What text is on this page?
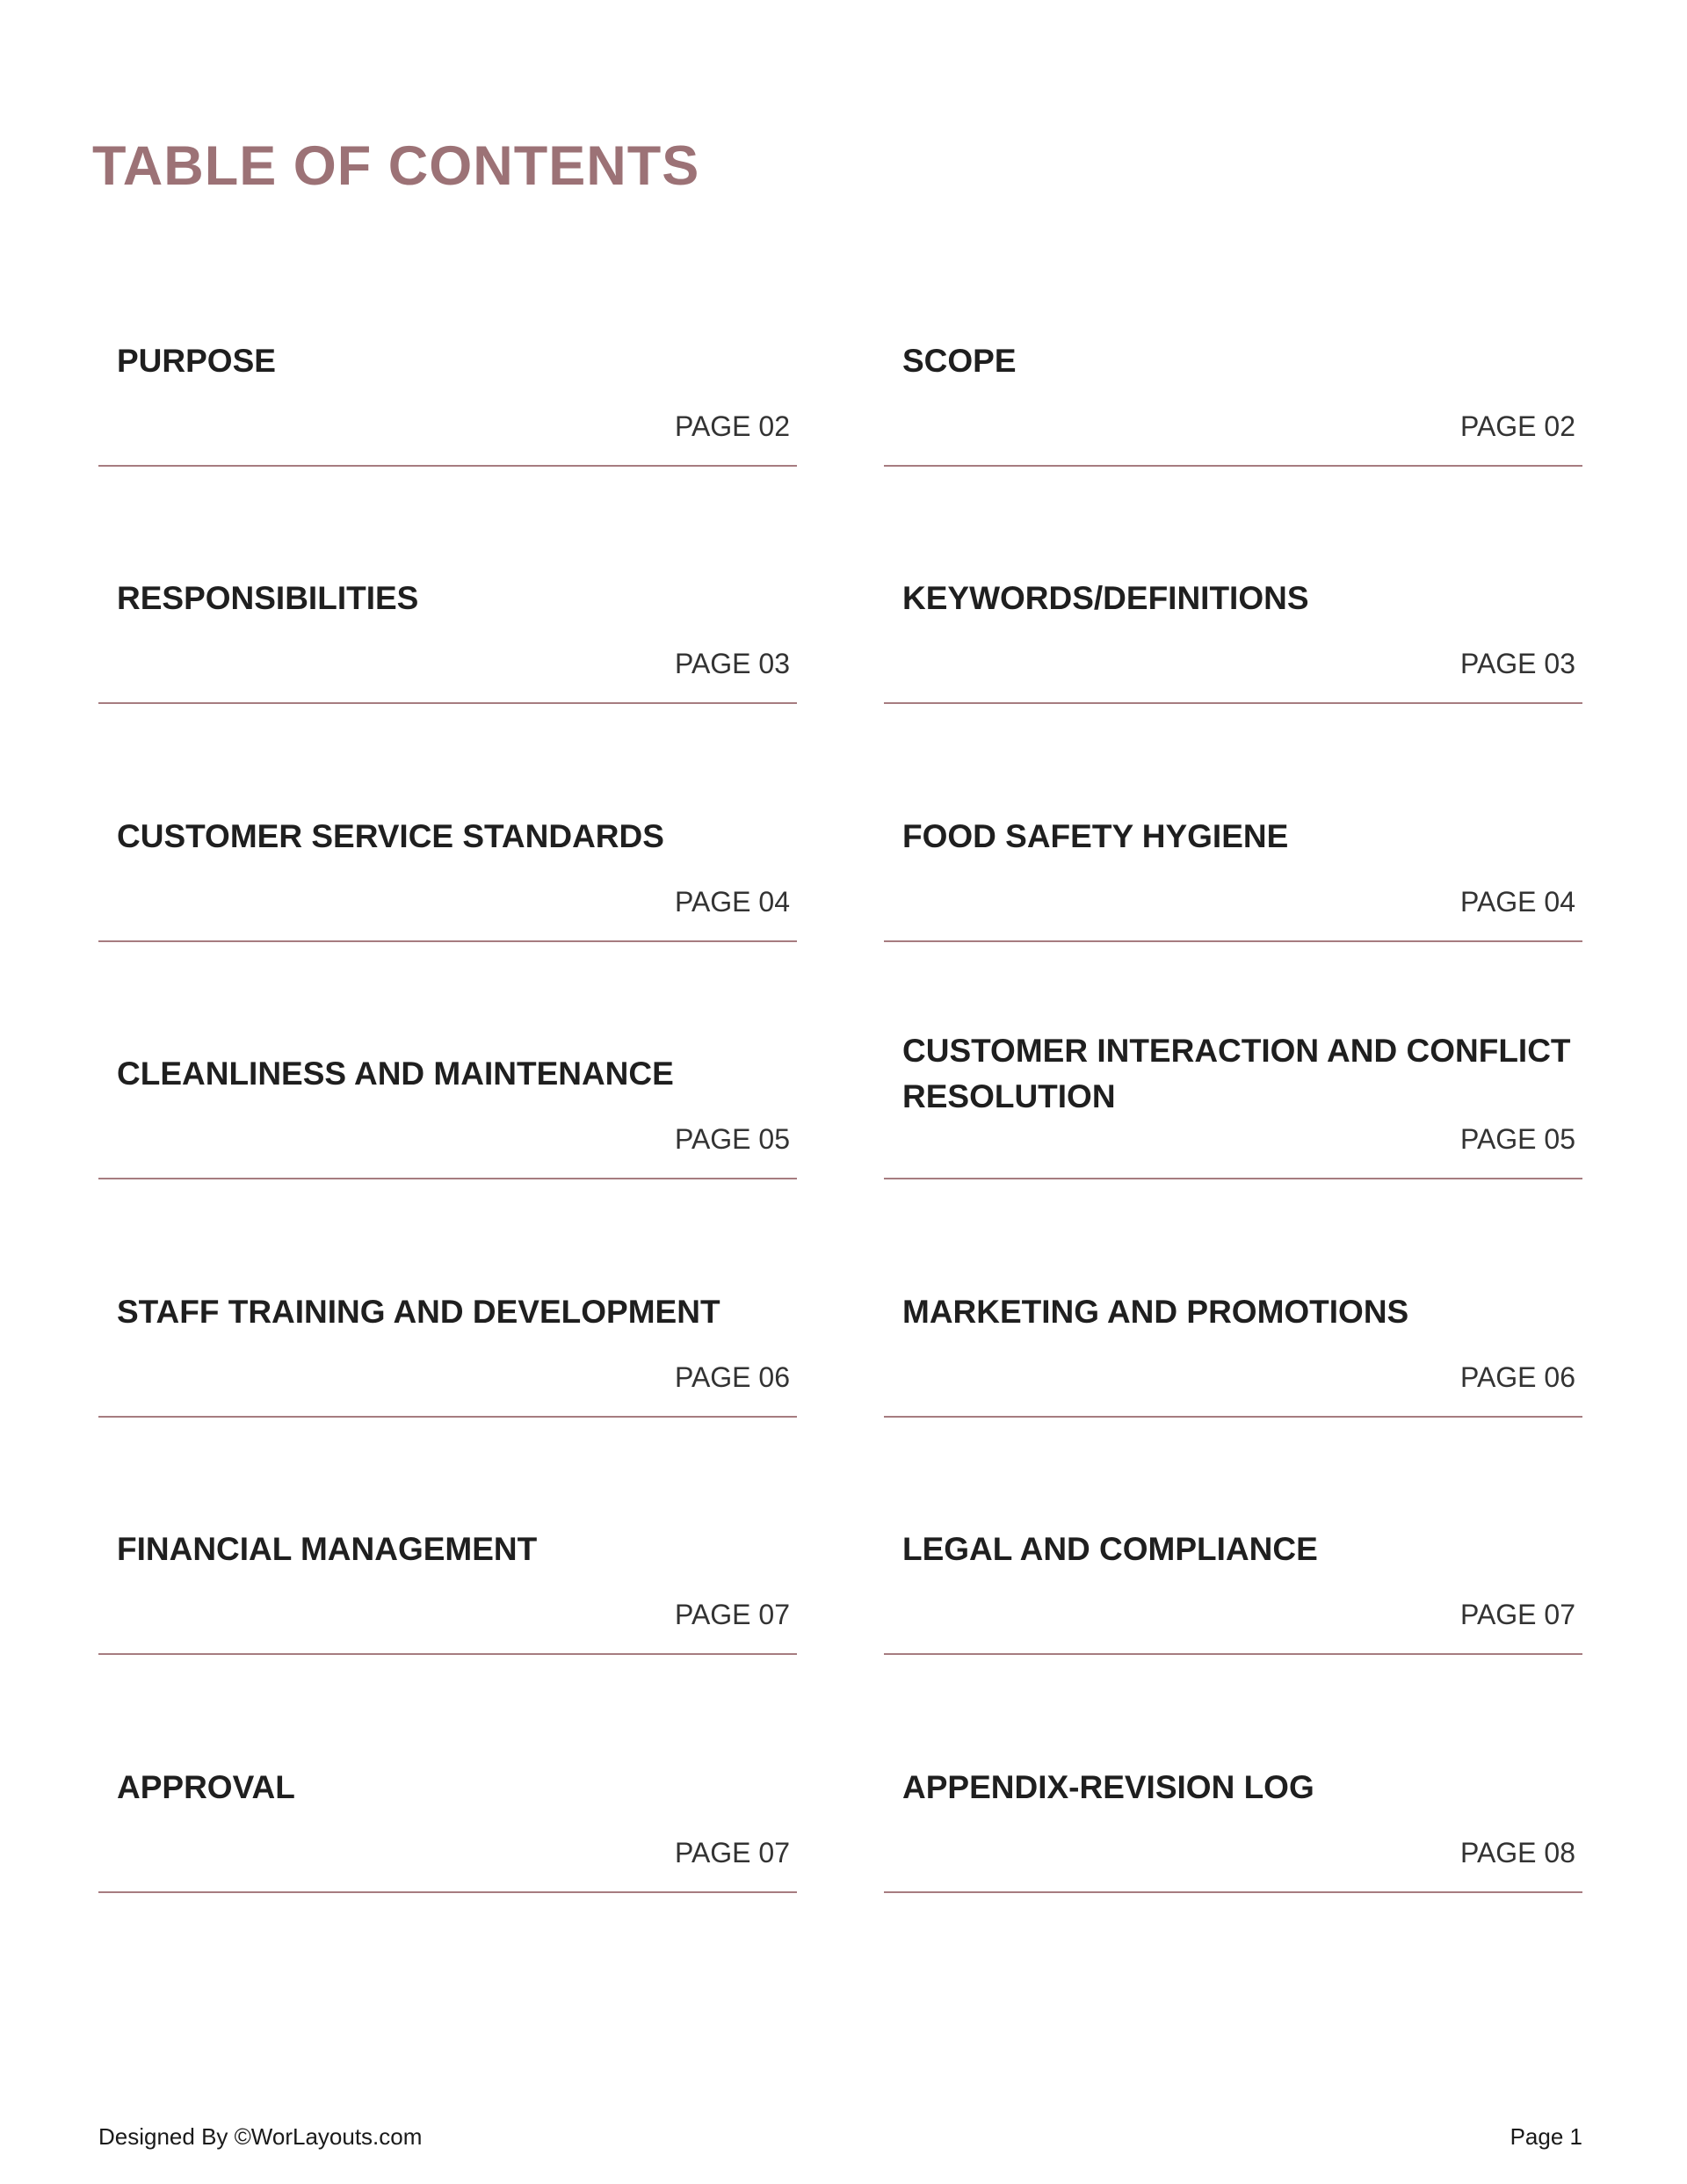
TABLE OF CONTENTS
PURPOSE
PAGE 02
SCOPE
PAGE 02
RESPONSIBILITIES
PAGE 03
KEYWORDS/DEFINITIONS
PAGE 03
CUSTOMER SERVICE STANDARDS
PAGE 04
FOOD SAFETY HYGIENE
PAGE 04
CLEANLINESS AND MAINTENANCE
PAGE 05
CUSTOMER INTERACTION AND CONFLICT RESOLUTION
PAGE 05
STAFF TRAINING AND DEVELOPMENT
PAGE 06
MARKETING AND PROMOTIONS
PAGE 06
FINANCIAL MANAGEMENT
PAGE 07
LEGAL AND COMPLIANCE
PAGE 07
APPROVAL
PAGE 07
APPENDIX-REVISION LOG
PAGE 08
Designed By ©WorLayouts.com	Page 1
